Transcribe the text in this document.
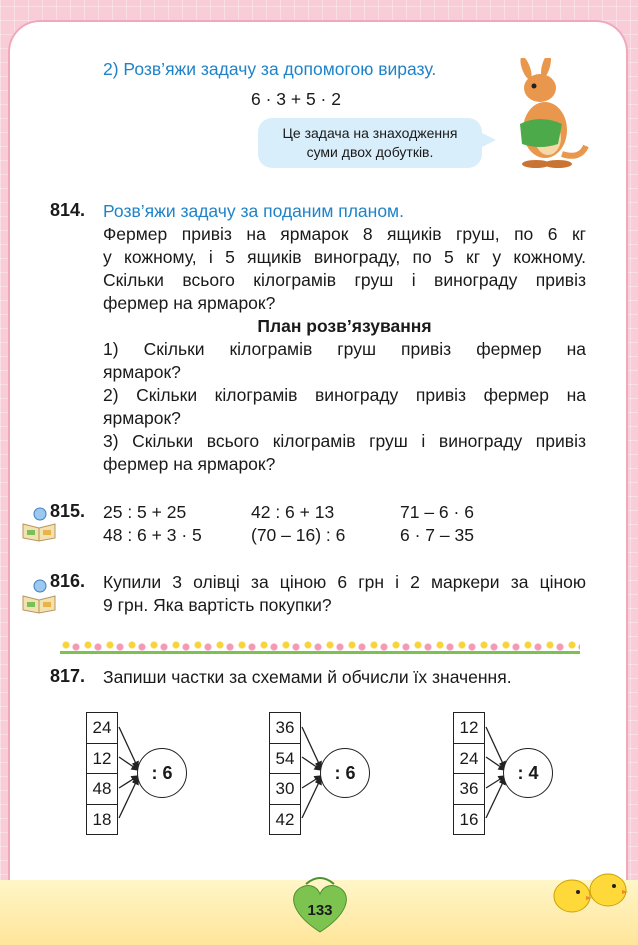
2) Розв’яжи задачу за допомогою виразу.
6 · 3 + 5 · 2
Це задача на знаходження
суми двох добутків.
814. Розв’яжи задачу за поданим планом.
Фермер привіз на ярмарок 8 ящиків груш, по 6 кг
у кожному, і 5 ящиків винограду, по 5 кг у кожному.
Скільки всього кілограмів груш і винограду привіз
фермер на ярмарок?
План розв’язування
1) Скільки кілограмів груш привіз фермер на
ярмарок?
2) Скільки кілограмів винограду привіз фермер на
ярмарок?
3) Скільки всього кілограмів груш і винограду привіз
фермер на ярмарок?
815. 25 : 5 + 25	42 : 6 + 13	71 – 6 · 6
48 : 6 + 3 · 5	(70 – 16) : 6	6 · 7 – 35
816. Купили 3 олівці за ціною 6 грн і 2 маркери за ціною
9 грн. Яка вартість покупки?
817. Запиши частки за схемами й обчисли їх значення.
24
12
48
18
: 6
36
54
30
42
: 6
12
24
36
16
: 4
133
